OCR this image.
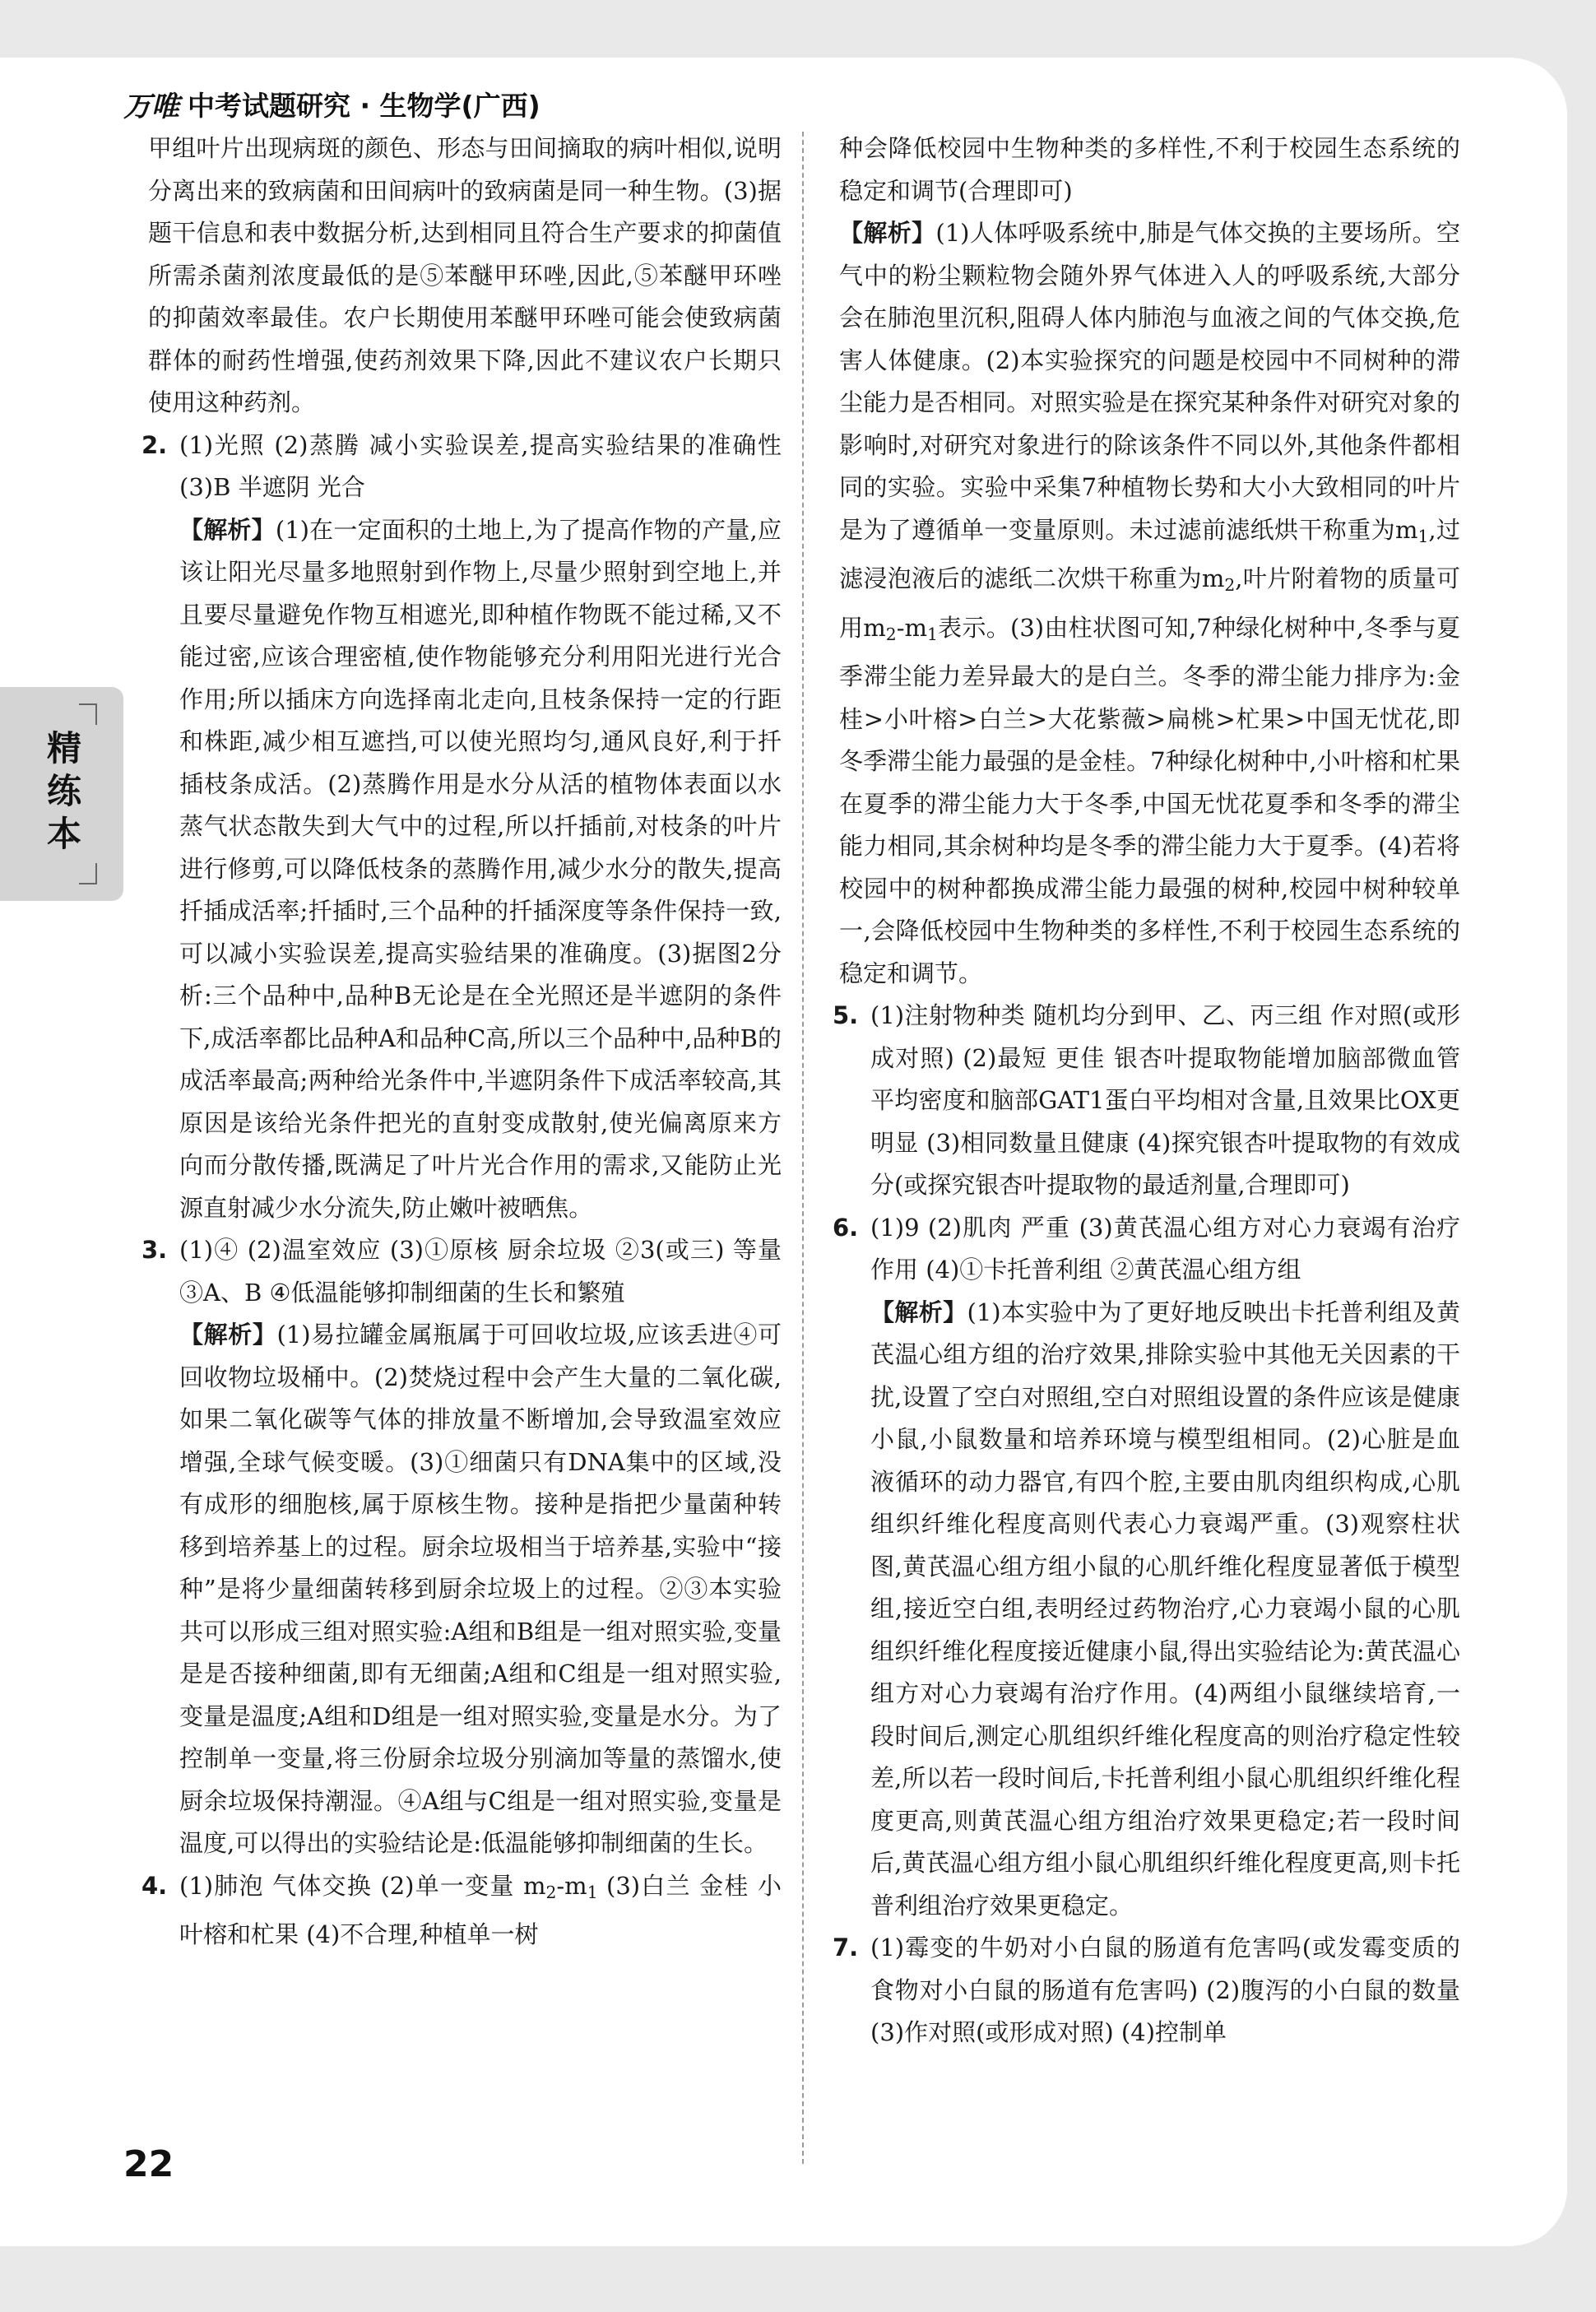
万唯 中考试题研究 · 生物学(广西)
精练本

甲组叶片出现病斑的颜色、形态与田间摘取的病叶相似,说明分离出来的致病菌和田间病叶的致病菌是同一种生物。(3)据题干信息和表中数据分析,达到相同且符合生产要求的抑菌值所需杀菌剂浓度最低的是⑤苯醚甲环唑,因此,⑤苯醚甲环唑的抑菌效率最佳。农户长期使用苯醚甲环唑可能会使致病菌群体的耐药性增强,使药剂效果下降,因此不建议农户长期只使用这种药剂。

2. (1)光照 (2)蒸腾 减小实验误差,提高实验结果的准确性 (3)B 半遮阴 光合
【解析】(1)在一定面积的土地上,为了提高作物的产量,应该让阳光尽量多地照射到作物上,尽量少照射到空地上,并且要尽量避免作物互相遮光,即种植作物既不能过稀,又不能过密,应该合理密植,使作物能够充分利用阳光进行光合作用;所以插床方向选择南北走向,且枝条保持一定的行距和株距,减少相互遮挡,可以使光照均匀,通风良好,利于扦插枝条成活。(2)蒸腾作用是水分从活的植物体表面以水蒸气状态散失到大气中的过程,所以扦插前,对枝条的叶片进行修剪,可以降低枝条的蒸腾作用,减少水分的散失,提高扦插成活率;扦插时,三个品种的扦插深度等条件保持一致,可以减小实验误差,提高实验结果的准确度。(3)据图2分析:三个品种中,品种B无论是在全光照还是半遮阴的条件下,成活率都比品种A和品种C高,所以三个品种中,品种B的成活率最高;两种给光条件中,半遮阴条件下成活率较高,其原因是该给光条件把光的直射变成散射,使光偏离原来方向而分散传播,既满足了叶片光合作用的需求,又能防止光源直射减少水分流失,防止嫩叶被晒焦。
3. (1)④ (2)温室效应 (3)①原核 厨余垃圾 ②3(或三) 等量 ③A、B ④低温能够抑制细菌的生长和繁殖
【解析】(1)易拉罐金属瓶属于可回收垃圾,应该丢进④可回收物垃圾桶中。(2)焚烧过程中会产生大量的二氧化碳,如果二氧化碳等气体的排放量不断增加,会导致温室效应增强,全球气候变暖。(3)①细菌只有DNA集中的区域,没有成形的细胞核,属于原核生物。接种是指把少量菌种转移到培养基上的过程。厨余垃圾相当于培养基,实验中“接种”是将少量细菌转移到厨余垃圾上的过程。②③本实验共可以形成三组对照实验:A组和B组是一组对照实验,变量是是否接种细菌,即有无细菌;A组和C组是一组对照实验,变量是温度;A组和D组是一组对照实验,变量是水分。为了控制单一变量,将三份厨余垃圾分别滴加等量的蒸馏水,使厨余垃圾保持潮湿。④A组与C组是一组对照实验,变量是温度,可以得出的实验结论是:低温能够抑制细菌的生长。
4. (1)肺泡 气体交换 (2)单一变量 $m_2-m_1$ (3)白兰 金桂 小叶榕和杧果 (4)不合理,种植单一树

种会降低校园中生物种类的多样性,不利于校园生态系统的稳定和调节(合理即可)

【解析】(1)人体呼吸系统中,肺是气体交换的主要场所。空气中的粉尘颗粒物会随外界气体进入人的呼吸系统,大部分会在肺泡里沉积,阻碍人体内肺泡与血液之间的气体交换,危害人体健康。(2)本实验探究的问题是校园中不同树种的滞尘能力是否相同。对照实验是在探究某种条件对研究对象的影响时,对研究对象进行的除该条件不同以外,其他条件都相同的实验。实验中采集7种植物长势和大小大致相同的叶片是为了遵循单一变量原则。未过滤前滤纸烘干称重为$m_1$,过滤浸泡液后的滤纸二次烘干称重为$m_2$,叶片附着物的质量可用$m_2-m_1$表示。(3)由柱状图可知,7种绿化树种中,冬季与夏季滞尘能力差异最大的是白兰。冬季的滞尘能力排序为:金桂>小叶榕>白兰>大花紫薇>扁桃>杧果>中国无忧花,即冬季滞尘能力最强的是金桂。7种绿化树种中,小叶榕和杧果在夏季的滞尘能力大于冬季,中国无忧花夏季和冬季的滞尘能力相同,其余树种均是冬季的滞尘能力大于夏季。(4)若将校园中的树种都换成滞尘能力最强的树种,校园中树种较单一,会降低校园中生物种类的多样性,不利于校园生态系统的稳定和调节。

5. (1)注射物种类 随机均分到甲、乙、丙三组 作对照(或形成对照) (2)最短 更佳 银杏叶提取物能增加脑部微血管平均密度和脑部GAT1蛋白平均相对含量,且效果比OX更明显 (3)相同数量且健康 (4)探究银杏叶提取物的有效成分(或探究银杏叶提取物的最适剂量,合理即可)
6. (1)9 (2)肌肉 严重 (3)黄芪温心组方对心力衰竭有治疗作用 (4)①卡托普利组 ②黄芪温心组方组
【解析】(1)本实验中为了更好地反映出卡托普利组及黄芪温心组方组的治疗效果,排除实验中其他无关因素的干扰,设置了空白对照组,空白对照组设置的条件应该是健康小鼠,小鼠数量和培养环境与模型组相同。(2)心脏是血液循环的动力器官,有四个腔,主要由肌肉组织构成,心肌组织纤维化程度高则代表心力衰竭严重。(3)观察柱状图,黄芪温心组方组小鼠的心肌纤维化程度显著低于模型组,接近空白组,表明经过药物治疗,心力衰竭小鼠的心肌组织纤维化程度接近健康小鼠,得出实验结论为:黄芪温心组方对心力衰竭有治疗作用。(4)两组小鼠继续培育,一段时间后,测定心肌组织纤维化程度高的则治疗稳定性较差,所以若一段时间后,卡托普利组小鼠心肌组织纤维化程度更高,则黄芪温心组方组治疗效果更稳定;若一段时间后,黄芪温心组方组小鼠心肌组织纤维化程度更高,则卡托普利组治疗效果更稳定。
7. (1)霉变的牛奶对小白鼠的肠道有危害吗(或发霉变质的食物对小白鼠的肠道有危害吗) (2)腹泻的小白鼠的数量 (3)作对照(或形成对照) (4)控制单
22
